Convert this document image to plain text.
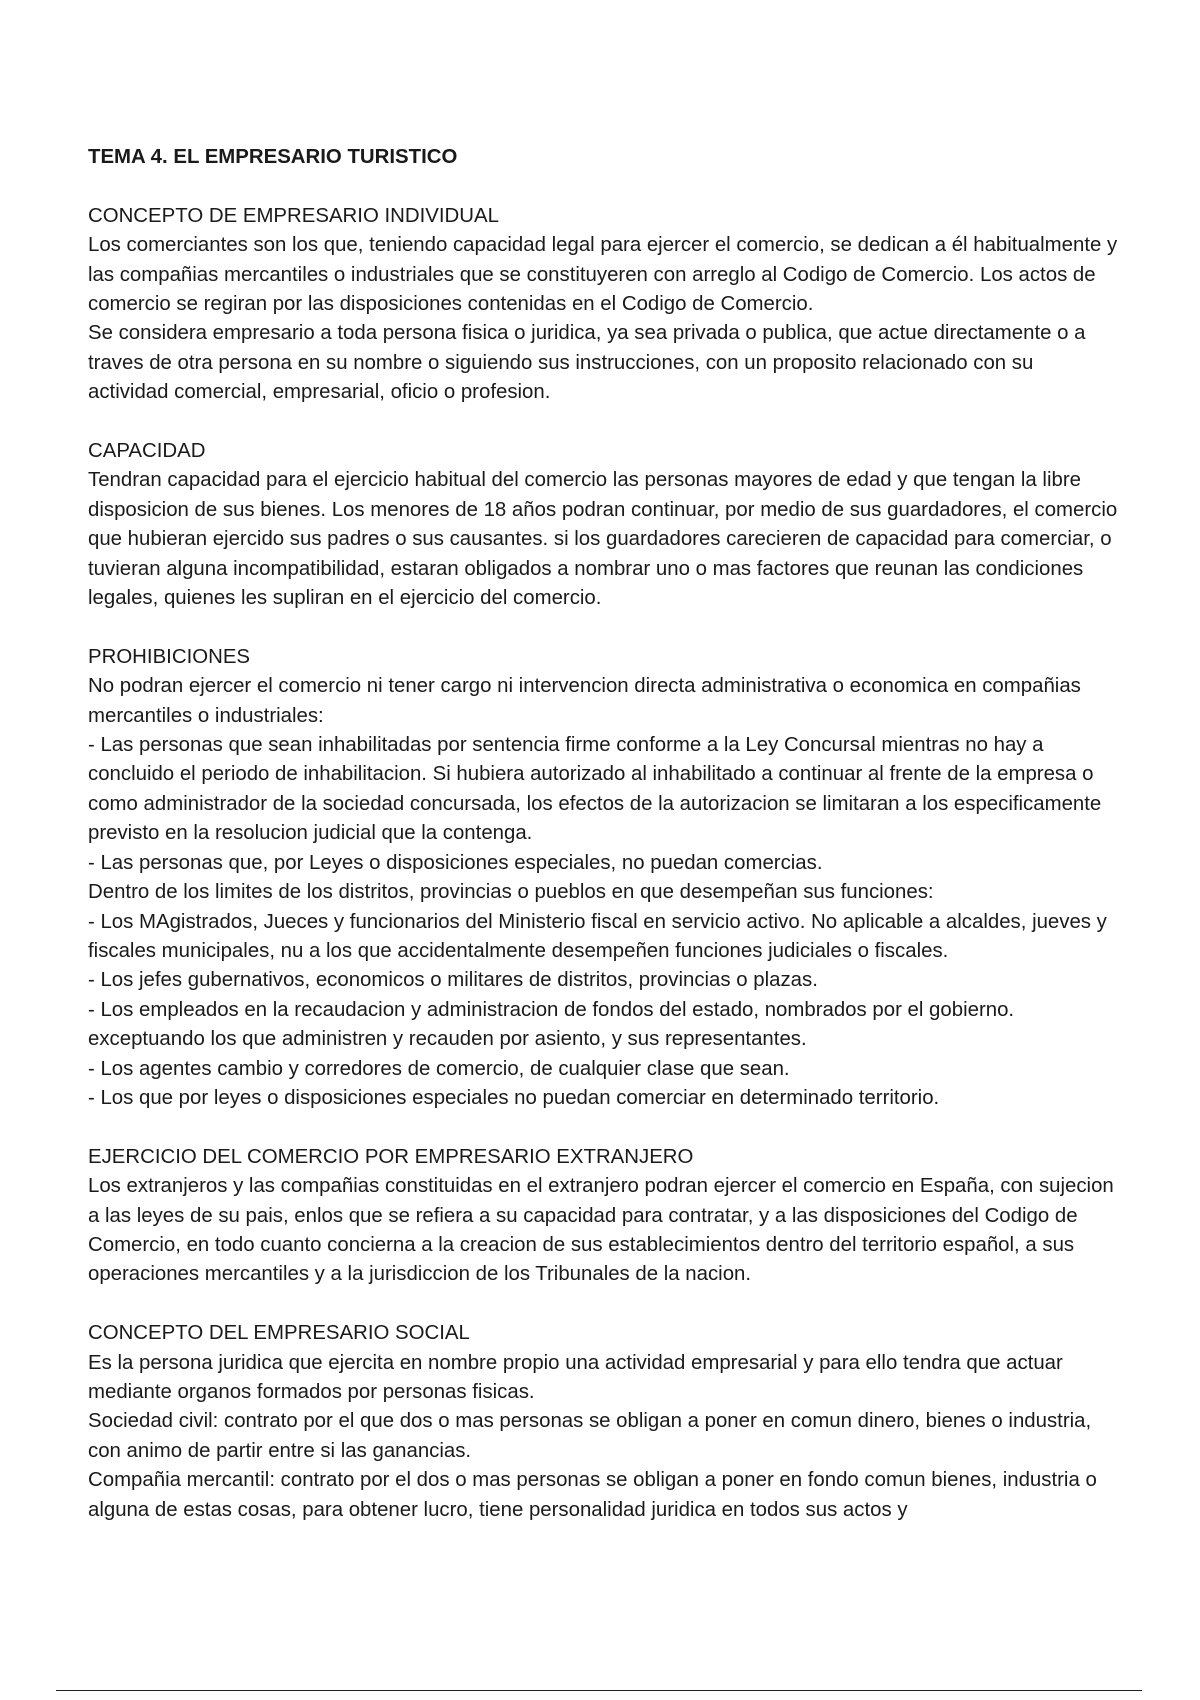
TEMA 4. EL EMPRESARIO TURISTICO
CONCEPTO DE EMPRESARIO INDIVIDUAL

Los comerciantes son los que, teniendo capacidad legal para ejercer el comercio, se dedican a él habitualmente y las compañias mercantiles o industriales que se constituyeren con arreglo al Codigo de Comercio. Los actos de comercio se regiran por las disposiciones contenidas en el Codigo de Comercio.

Se considera empresario a toda persona fisica o juridica, ya sea privada o publica, que actue directamente o a traves de otra persona en su nombre o siguiendo sus instrucciones, con un proposito relacionado con su actividad comercial, empresarial, oficio o profesion.

CAPACIDAD

Tendran capacidad para el ejercicio habitual del comercio las personas mayores de edad y que tengan la libre disposicion de sus bienes. Los menores de 18 años podran continuar, por medio de sus guardadores, el comercio que hubieran ejercido sus padres o sus causantes. si los guardadores carecieren de capacidad para comerciar, o tuvieran alguna incompatibilidad, estaran obligados a nombrar uno o mas factores que reunan las condiciones legales, quienes les supliran en el ejercicio del comercio.

PROHIBICIONES

No podran ejercer el comercio ni tener cargo ni intervencion directa administrativa o economica en compañias mercantiles o industriales:

- Las personas que sean inhabilitadas por sentencia firme conforme a la Ley Concursal mientras no hay a concluido el periodo de inhabilitacion. Si hubiera autorizado al inhabilitado a continuar al frente de la empresa o como administrador de la sociedad concursada, los efectos de la autorizacion se limitaran a los especificamente previsto en la resolucion judicial que la contenga.

- Las personas que, por Leyes o disposiciones especiales, no puedan comercias.

Dentro de los limites de los distritos, provincias o pueblos en que desempeñan sus funciones:

- Los MAgistrados, Jueces y funcionarios del Ministerio fiscal en servicio activo. No aplicable a alcaldes, jueves y fiscales municipales, nu a los que accidentalmente desempeñen funciones judiciales o fiscales.

- Los jefes gubernativos, economicos o militares de distritos, provincias o plazas.

- Los empleados en la recaudacion y administracion de fondos del estado, nombrados por el gobierno. exceptuando los que administren y recauden por asiento, y sus representantes.

- Los agentes cambio y corredores de comercio, de cualquier clase que sean.

- Los que por leyes o disposiciones especiales no puedan comerciar en determinado territorio.

EJERCICIO DEL COMERCIO POR EMPRESARIO EXTRANJERO

Los extranjeros y las compañias constituidas en el extranjero podran ejercer el comercio en España, con sujecion a las leyes de su pais, enlos que se refiera a su capacidad para contratar, y a las disposiciones del Codigo de Comercio, en todo cuanto concierna a la creacion de sus establecimientos dentro del territorio español, a sus operaciones mercantiles y a la jurisdiccion de los Tribunales de la nacion.

CONCEPTO DEL EMPRESARIO SOCIAL

Es la persona juridica que ejercita en nombre propio una actividad empresarial y para ello tendra que actuar mediante organos formados por personas fisicas.

Sociedad civil: contrato por el que dos o mas personas se obligan a poner en comun dinero, bienes o industria, con animo de partir entre si las ganancias.

Compañia mercantil: contrato por el dos o mas personas se obligan a poner en fondo comun bienes, industria o alguna de estas cosas, para obtener lucro, tiene personalidad juridica en todos sus actos y
